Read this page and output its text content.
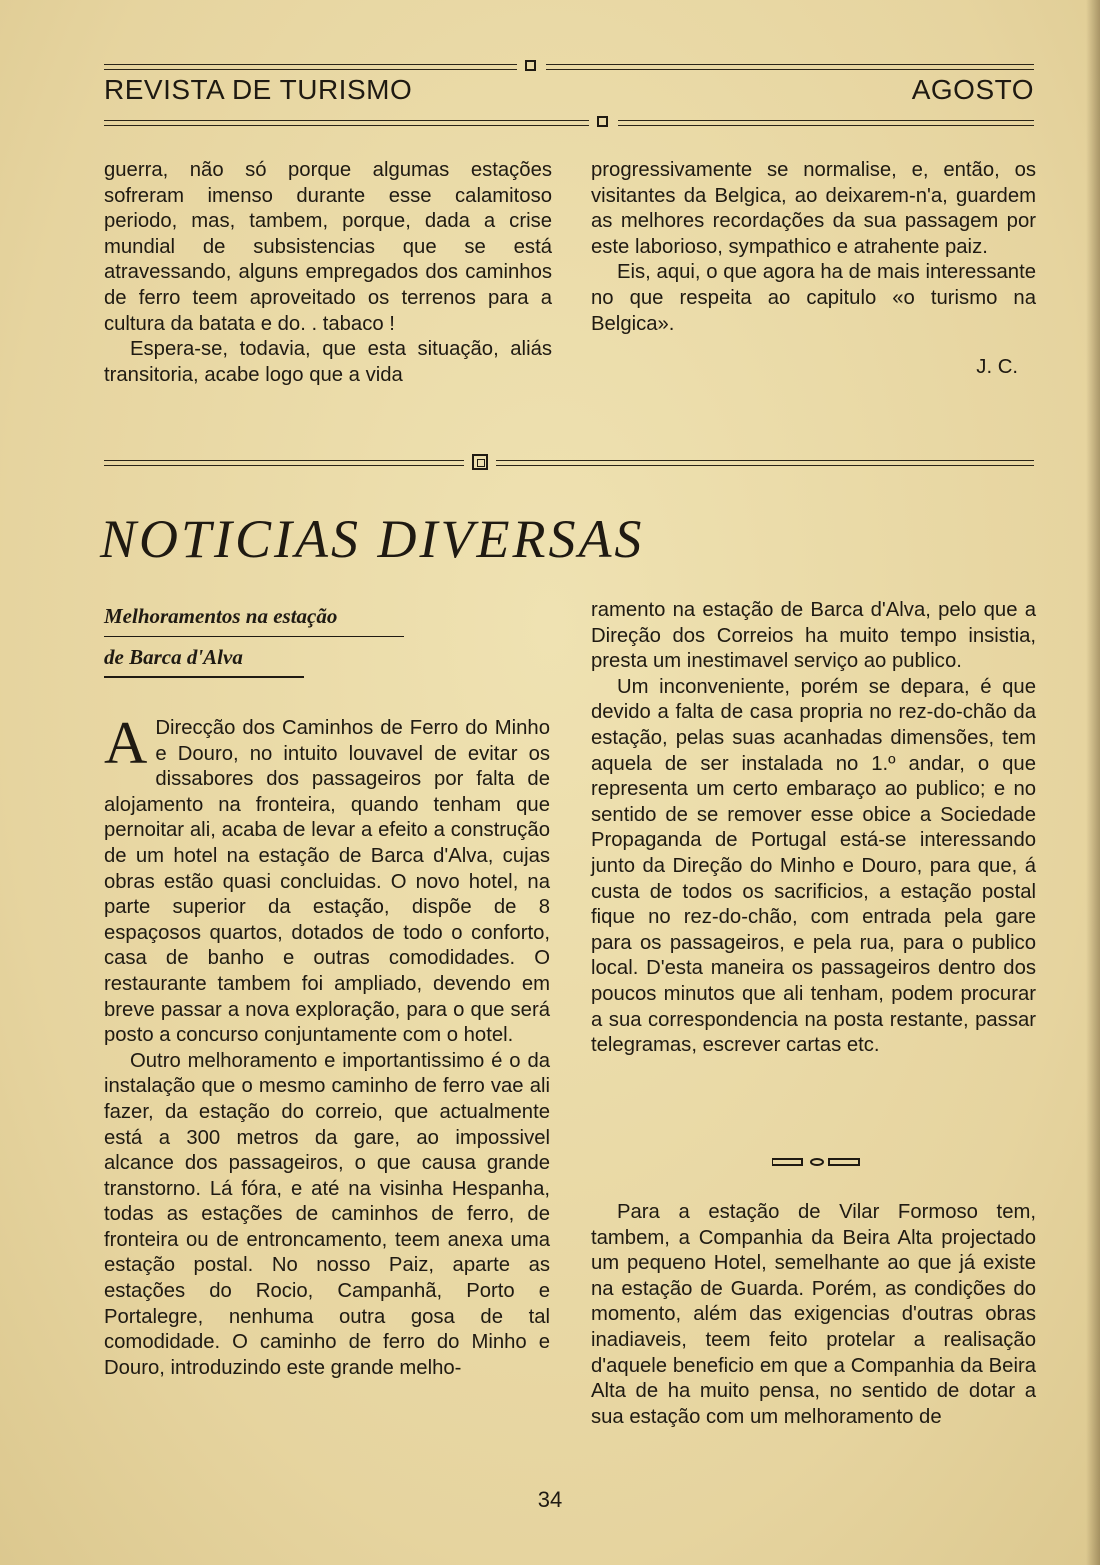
REVISTA DE TURISMO	AGOSTO

guerra, não só porque algumas estações sofreram imenso durante esse calamitoso periodo, mas, tambem, porque, dada a crise mundial de subsistencias que se está atravessando, alguns empregados dos caminhos de ferro teem aproveitado os terrenos para a cultura da batata e do. . tabaco !

Espera-se, todavia, que esta situação, aliás transitoria, acabe logo que a vida

progressivamente se normalise, e, então, os visitantes da Belgica, ao deixarem-n'a, guardem as melhores recordações da sua passagem por este laborioso, sympathico e atrahente paiz.

Eis, aqui, o que agora ha de mais interessante no que respeita ao capitulo «o turismo na Belgica».

J. C.

NOTICIAS DIVERSAS
Melhoramentos na estação
de Barca d'Alva

A Direcção dos Caminhos de Ferro do Minho e Douro, no intuito louvavel de evitar os dissabores dos passageiros por falta de alojamento na fronteira, quando tenham que pernoitar ali, acaba de levar a efeito a construção de um hotel na estação de Barca d'Alva, cujas obras estão quasi concluidas. O novo hotel, na parte superior da estação, dispõe de 8 espaçosos quartos, dotados de todo o conforto, casa de banho e outras comodidades. O restaurante tambem foi ampliado, devendo em breve passar a nova exploração, para o que será posto a concurso conjuntamente com o hotel.

Outro melhoramento e importantissimo é o da instalação que o mesmo caminho de ferro vae ali fazer, da estação do correio, que actualmente está a 300 metros da gare, ao impossivel alcance dos passageiros, o que causa grande transtorno. Lá fóra, e até na visinha Hespanha, todas as estações de caminhos de ferro, de fronteira ou de entroncamento, teem anexa uma estação postal. No nosso Paiz, aparte as estações do Rocio, Campanhã, Porto e Portalegre, nenhuma outra gosa de tal comodidade. O caminho de ferro do Minho e Douro, introduzindo este grande melho-

ramento na estação de Barca d'Alva, pelo que a Direção dos Correios ha muito tempo insistia, presta um inestimavel serviço ao publico.

Um inconveniente, porém se depara, é que devido a falta de casa propria no rez-do-chão da estação, pelas suas acanhadas dimensões, tem aquela de ser instalada no 1.º andar, o que representa um certo embaraço ao publico; e no sentido de se remover esse obice a Sociedade Propaganda de Portugal está-se interessando junto da Direção do Minho e Douro, para que, á custa de todos os sacrificios, a estação postal fique no rez-do-chão, com entrada pela gare para os passageiros, e pela rua, para o publico local. D'esta maneira os passageiros dentro dos poucos minutos que ali tenham, podem procurar a sua correspondencia na posta restante, passar telegramas, escrever cartas etc.

Para a estação de Vilar Formoso tem, tambem, a Companhia da Beira Alta projectado um pequeno Hotel, semelhante ao que já existe na estação de Guarda. Porém, as condições do momento, além das exigencias d'outras obras inadiaveis, teem feito protelar a realisação d'aquele beneficio em que a Companhia da Beira Alta de ha muito pensa, no sentido de dotar a sua estação com um melhoramento de

34
